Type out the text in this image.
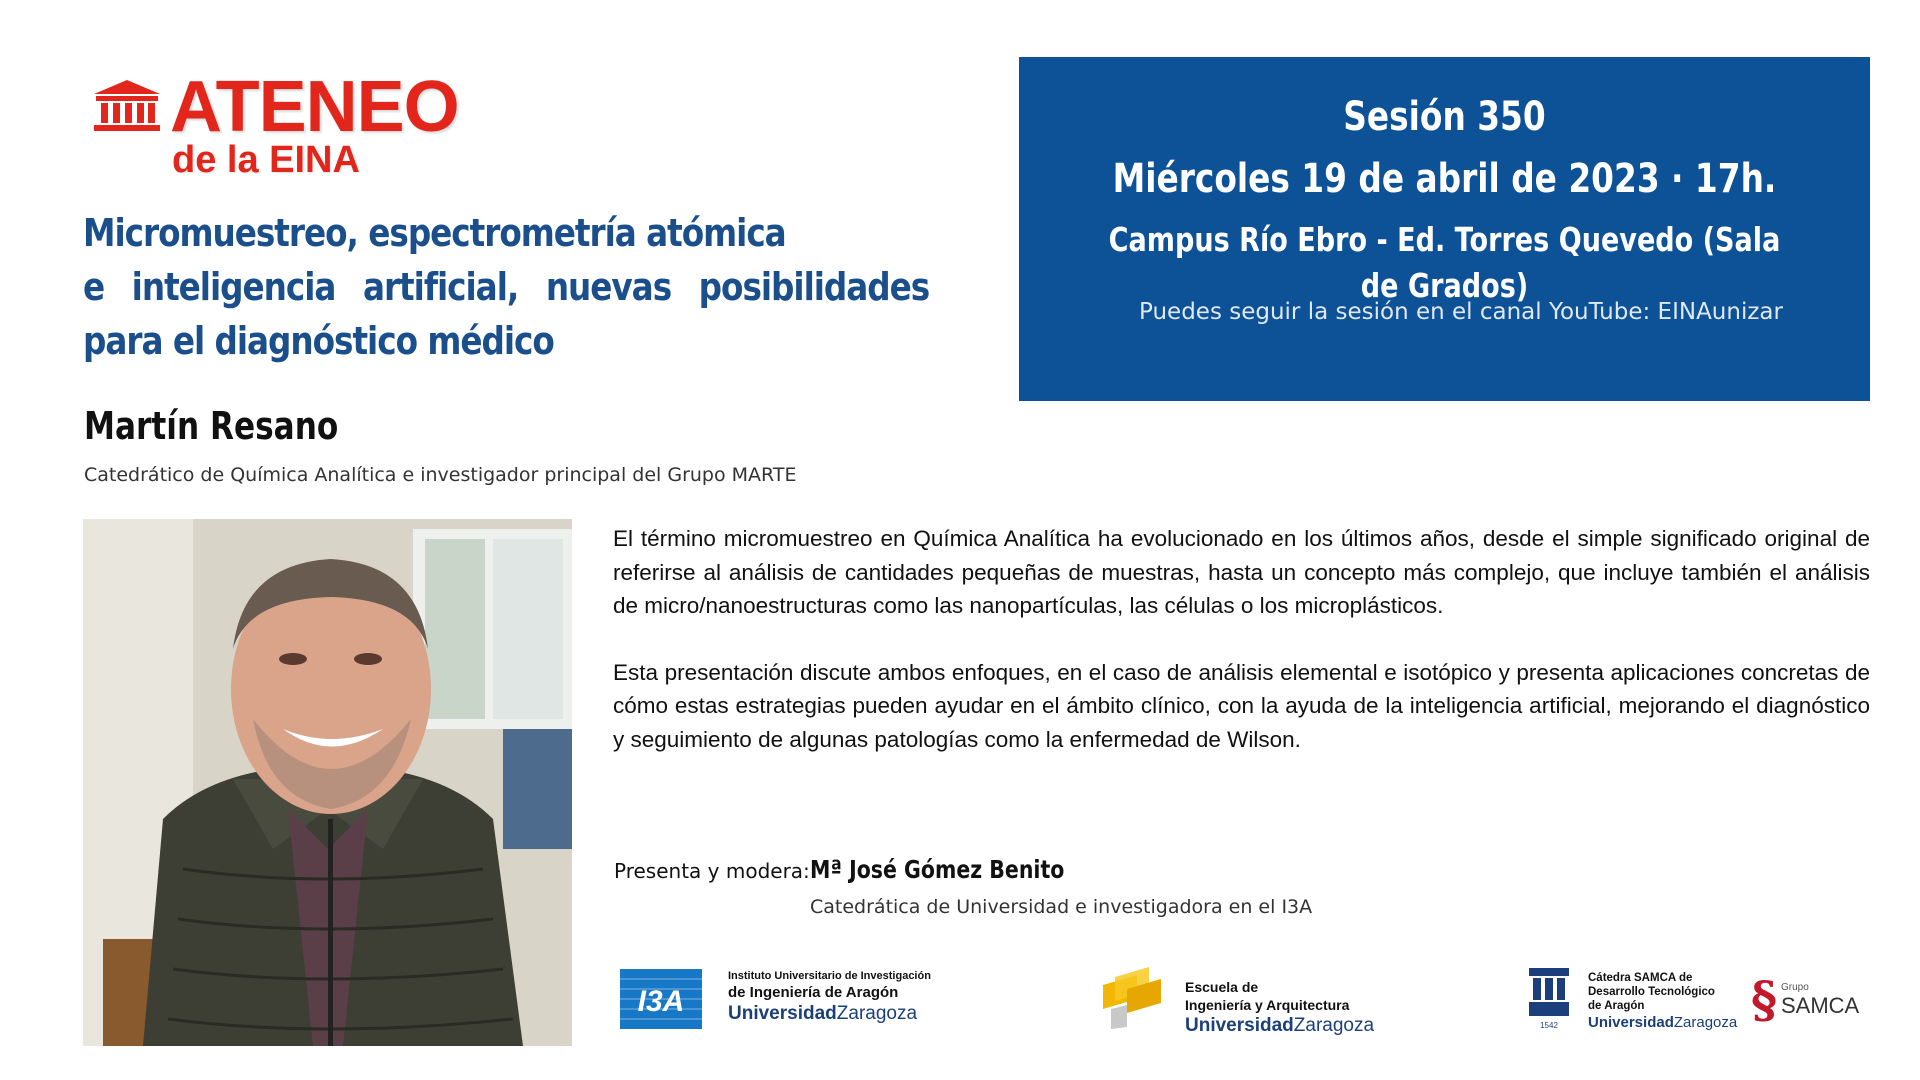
ATENEO
de la EINA
Micromuestreo, espectrometría atómica
e inteligencia artificial, nuevas posibilidades
para el diagnóstico médico
Sesión 350
Miércoles 19 de abril de 2023 · 17h.
Campus Río Ebro - Ed. Torres Quevedo (Sala de Grados)
Puedes seguir la sesión en el canal YouTube: EINAunizar
Martín Resano
Catedrático de Química Analítica e investigador principal del Grupo MARTE

El término micromuestreo en Química Analítica ha evolucionado en los últimos años, desde el simple significado original de referirse al análisis de cantidades pequeñas de muestras, hasta un concepto más complejo, que incluye también el análisis de micro/nanoestructuras como las nanopartículas, las células o los microplásticos.

Esta presentación discute ambos enfoques, en el caso de análisis elemental e isotópico y presenta aplicaciones concretas de cómo estas estrategias pueden ayudar en el ámbito clínico, con la ayuda de la inteligencia artificial, mejorando el diagnóstico y seguimiento de algunas patologías como la enfermedad de Wilson.

Presenta y modera: Mª José Gómez Benito
Catedrática de Universidad e investigadora en el I3A
I3A
Instituto Universitario de Investigación
de Ingeniería de Aragón
UniversidadZaragoza
Escuela de
Ingeniería y Arquitectura
UniversidadZaragoza	1542
Cátedra SAMCA de
Desarrollo Tecnológico
de Aragón
UniversidadZaragoza § Grupo
SAMCA
